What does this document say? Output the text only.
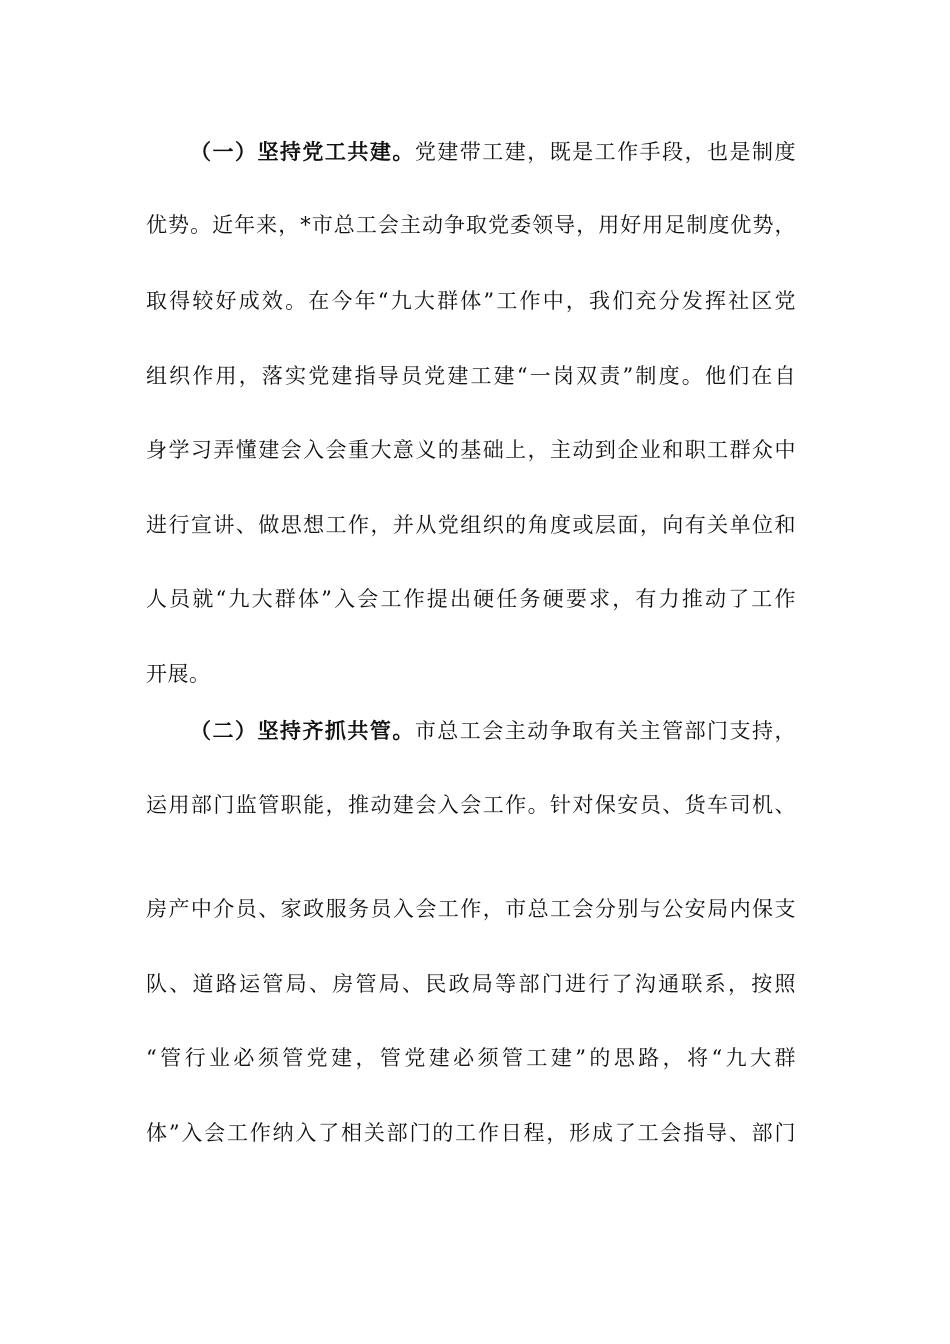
（一）坚持党工共建。党建带工建，既是工作手段，也是制度
优势。近年来，*市总工会主动争取党委领导，用好用足制度优势，
取得较好成效。在今年“九大群体”工作中，我们充分发挥社区党
组织作用，落实党建指导员党建工建“一岗双责”制度。他们在自
身学习弄懂建会入会重大意义的基础上，主动到企业和职工群众中
进行宣讲、做思想工作，并从党组织的角度或层面，向有关单位和
人员就“九大群体”入会工作提出硬任务硬要求，有力推动了工作
开展。
（二）坚持齐抓共管。市总工会主动争取有关主管部门支持，
运用部门监管职能，推动建会入会工作。针对保安员、货车司机、
房产中介员、家政服务员入会工作，市总工会分别与公安局内保支
队、道路运管局、房管局、民政局等部门进行了沟通联系，按照
“管行业必须管党建，管党建必须管工建”的思路，将“九大群
体”入会工作纳入了相关部门的工作日程，形成了工会指导、部门
